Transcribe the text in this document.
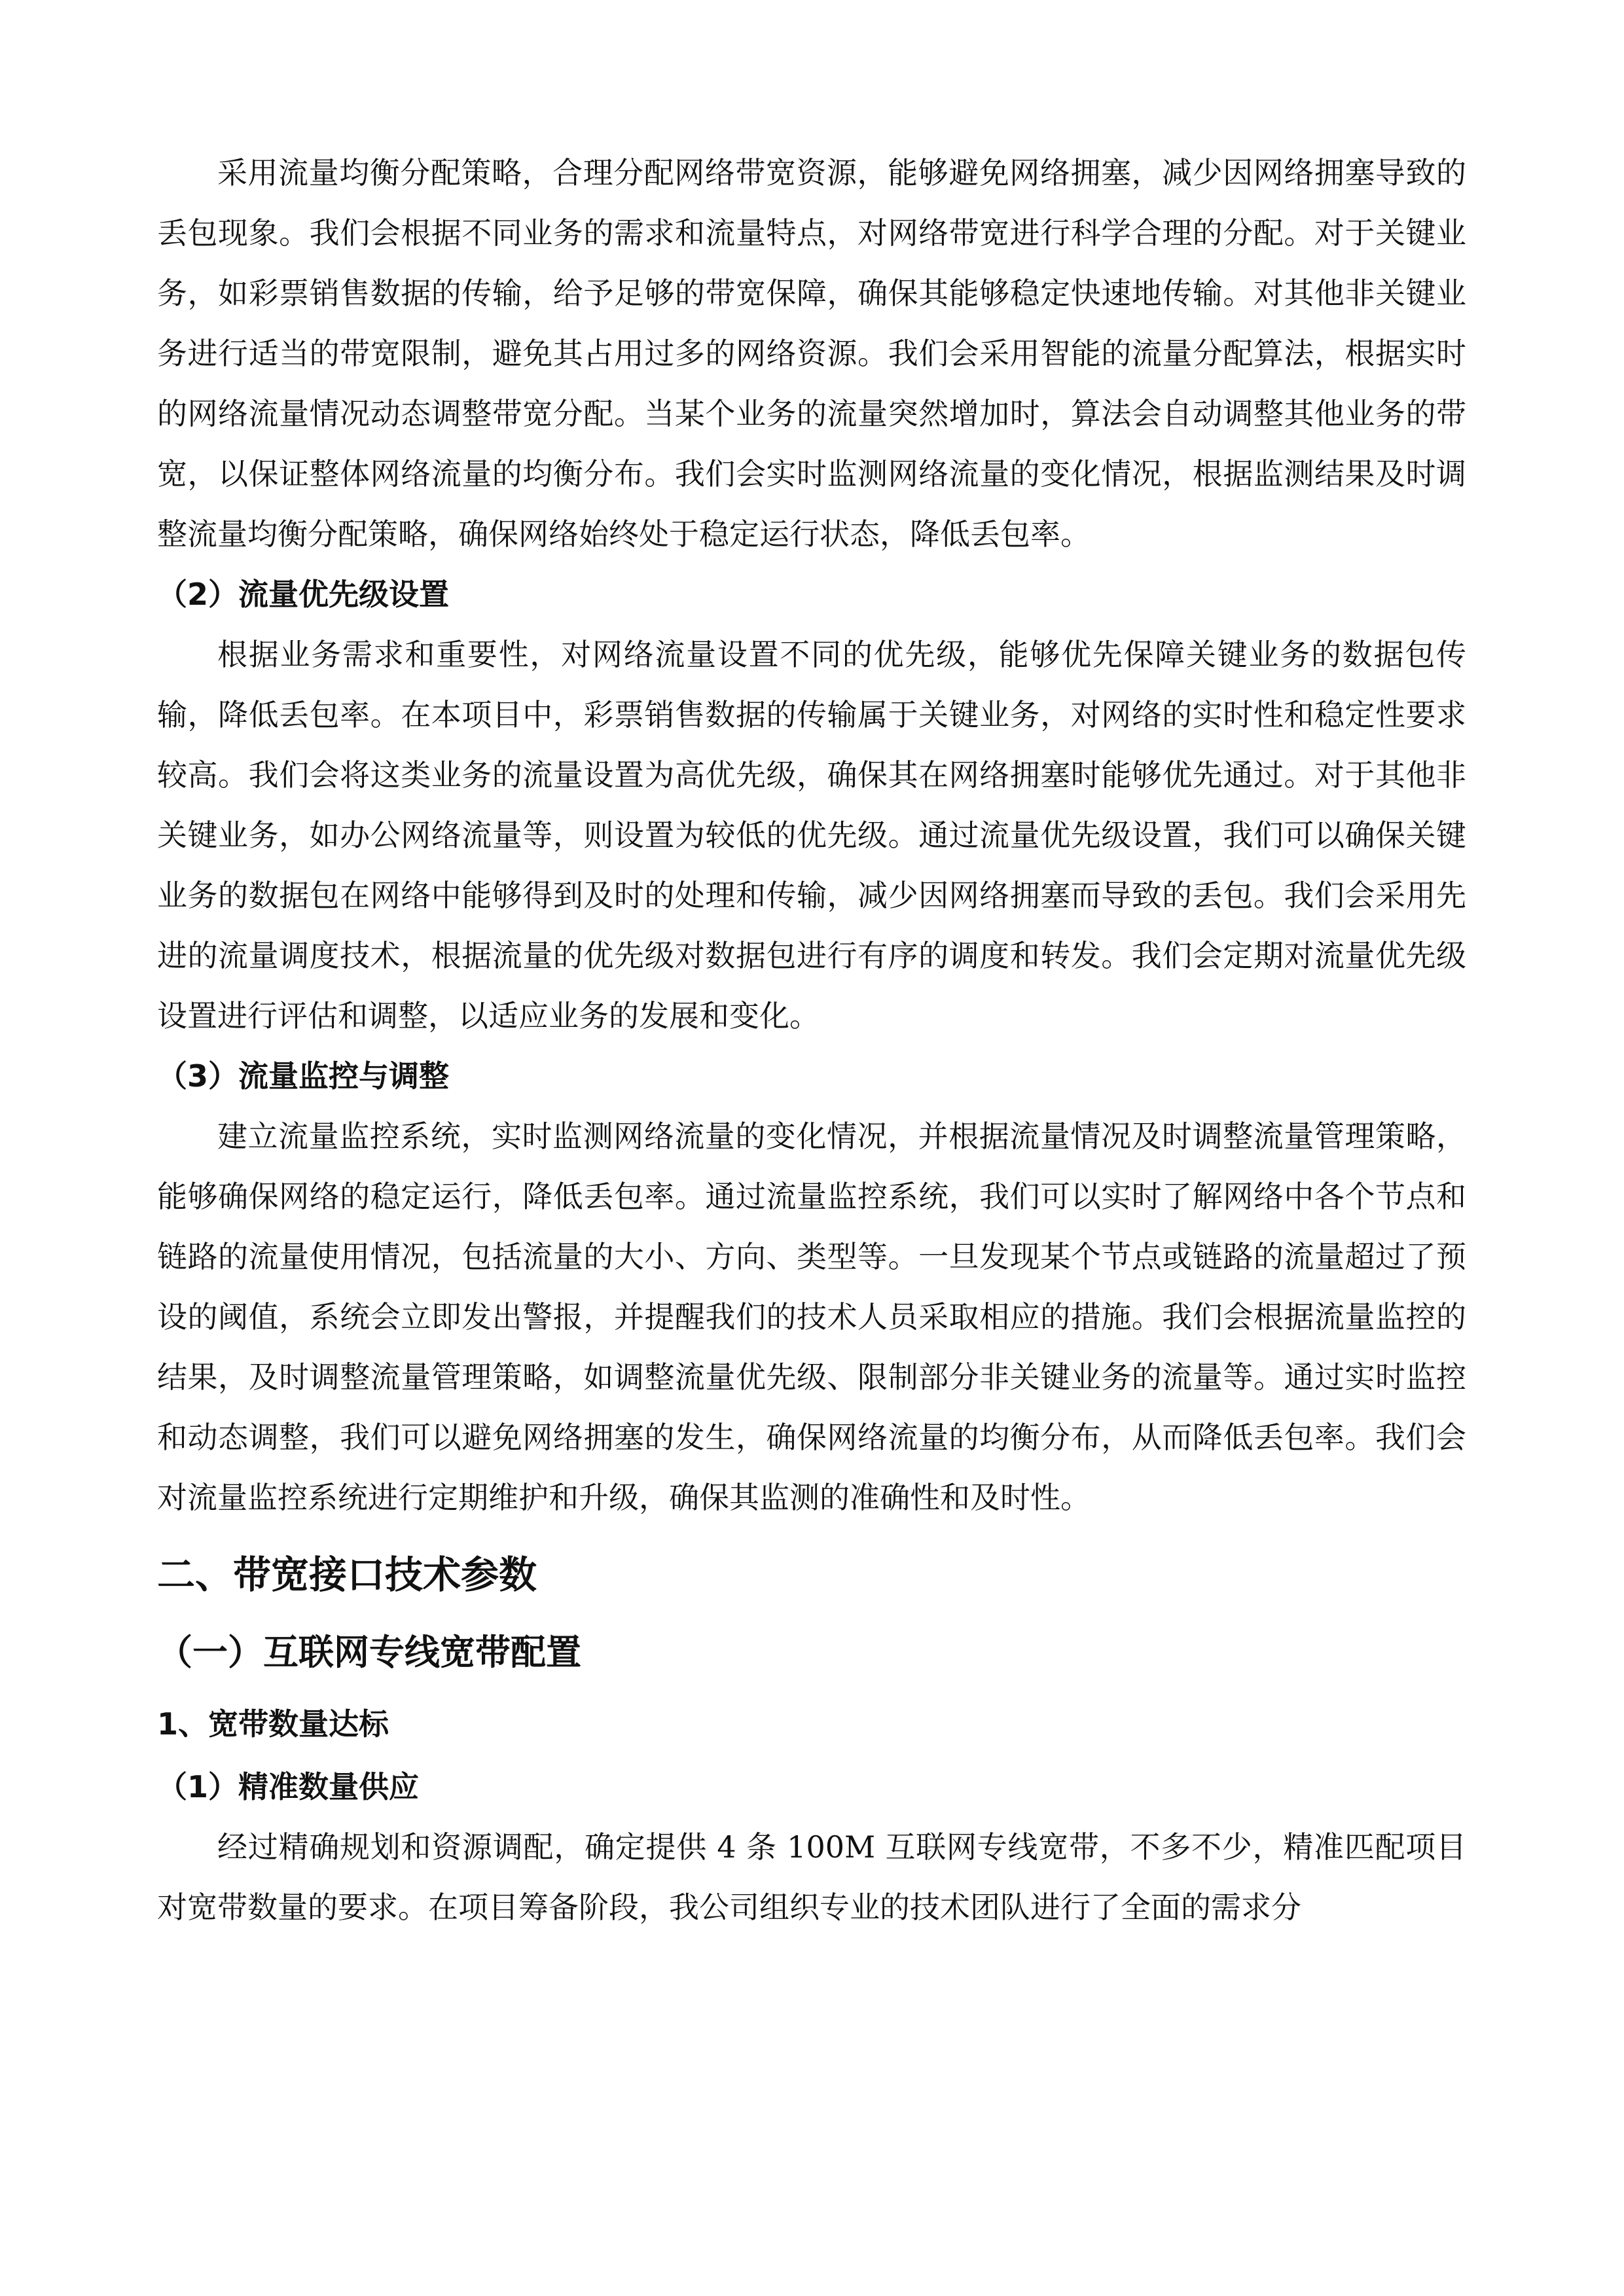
采用流量均衡分配策略，合理分配网络带宽资源，能够避免网络拥塞，减少因网络拥塞导致的丢包现象。我们会根据不同业务的需求和流量特点，对网络带宽进行科学合理的分配。对于关键业务，如彩票销售数据的传输，给予足够的带宽保障，确保其能够稳定快速地传输。对其他非关键业务进行适当的带宽限制，避免其占用过多的网络资源。我们会采用智能的流量分配算法，根据实时的网络流量情况动态调整带宽分配。当某个业务的流量突然增加时，算法会自动调整其他业务的带宽，以保证整体网络流量的均衡分布。我们会实时监测网络流量的变化情况，根据监测结果及时调整流量均衡分配策略，确保网络始终处于稳定运行状态，降低丢包率。

（2）流量优先级设置

根据业务需求和重要性，对网络流量设置不同的优先级，能够优先保障关键业务的数据包传输，降低丢包率。在本项目中，彩票销售数据的传输属于关键业务，对网络的实时性和稳定性要求较高。我们会将这类业务的流量设置为高优先级，确保其在网络拥塞时能够优先通过。对于其他非关键业务，如办公网络流量等，则设置为较低的优先级。通过流量优先级设置，我们可以确保关键业务的数据包在网络中能够得到及时的处理和传输，减少因网络拥塞而导致的丢包。我们会采用先进的流量调度技术，根据流量的优先级对数据包进行有序的调度和转发。我们会定期对流量优先级设置进行评估和调整，以适应业务的发展和变化。

（3）流量监控与调整

建立流量监控系统，实时监测网络流量的变化情况，并根据流量情况及时调整流量管理策略，能够确保网络的稳定运行，降低丢包率。通过流量监控系统，我们可以实时了解网络中各个节点和链路的流量使用情况，包括流量的大小、方向、类型等。一旦发现某个节点或链路的流量超过了预设的阈值，系统会立即发出警报，并提醒我们的技术人员采取相应的措施。我们会根据流量监控的结果，及时调整流量管理策略，如调整流量优先级、限制部分非关键业务的流量等。通过实时监控和动态调整，我们可以避免网络拥塞的发生，确保网络流量的均衡分布，从而降低丢包率。我们会对流量监控系统进行定期维护和升级，确保其监测的准确性和及时性。

二、带宽接口技术参数
（一）互联网专线宽带配置
1、宽带数量达标

（1）精准数量供应

经过精确规划和资源调配，确定提供 4 条 100M 互联网专线宽带，不多不少，精准匹配项目对宽带数量的要求。在项目筹备阶段，我公司组织专业的技术团队进行了全面的需求分
